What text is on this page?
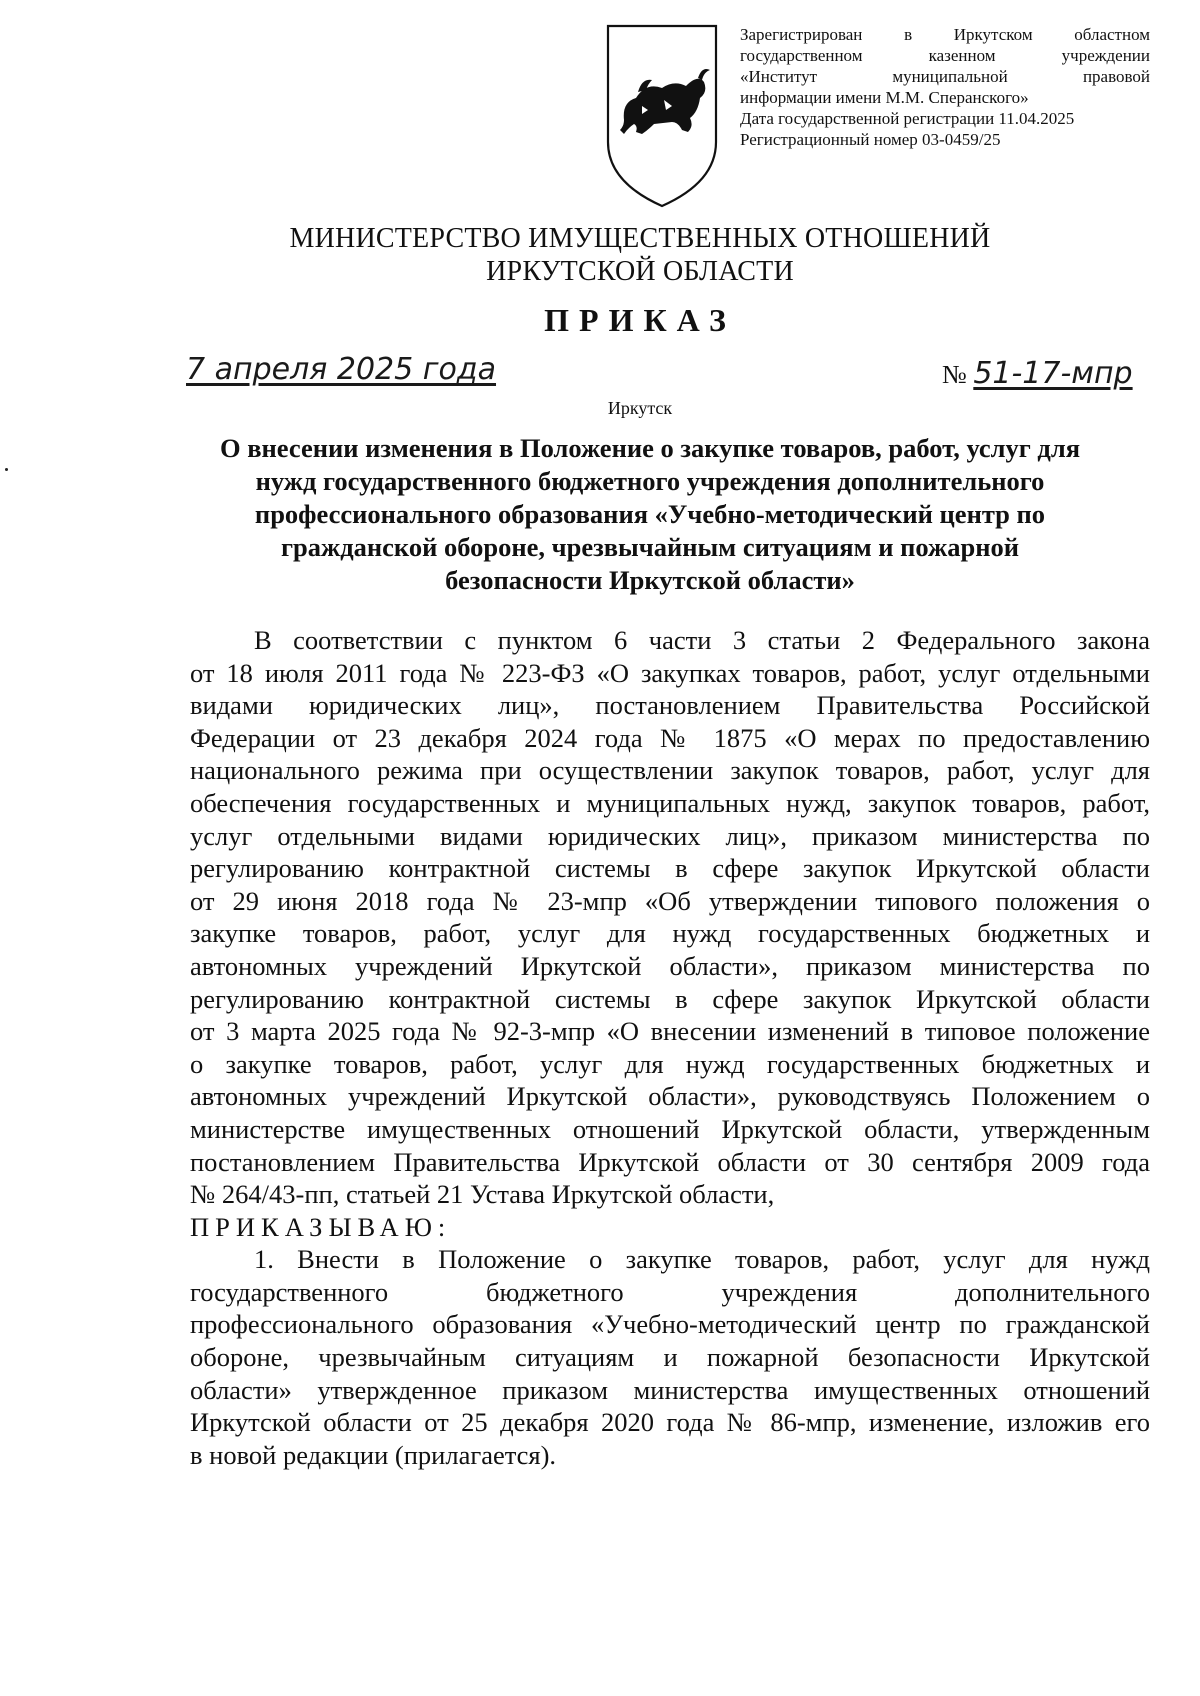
Зарегистрирован в Иркутском областном
государственном казенном учреждении
«Институт муниципальной правовой
информации имени М.М. Сперанского»
Дата государственной регистрации 11.04.2025
Регистрационный номер 03-0459/25
МИНИСТЕРСТВО ИМУЩЕСТВЕННЫХ ОТНОШЕНИЙ
ИРКУТСКОЙ ОБЛАСТИ
ПРИКАЗ
7 апреля 2025 года	№ 51-17-мпр
Иркутск
О внесении изменения в Положение о закупке товаров, работ, услуг для
нужд государственного бюджетного учреждения дополнительного
профессионального образования «Учебно-методический центр по
гражданской обороне, чрезвычайным ситуациям и пожарной
безопасности Иркутской области»
В соответствии с пунктом 6 части 3 статьи 2 Федерального закона
от 18 июля 2011 года № 223-ФЗ «О закупках товаров, работ, услуг отдельными
видами юридических лиц», постановлением Правительства Российской
Федерации от 23 декабря 2024 года № 1875 «О мерах по предоставлению
национального режима при осуществлении закупок товаров, работ, услуг для
обеспечения государственных и муниципальных нужд, закупок товаров, работ,
услуг отдельными видами юридических лиц», приказом министерства по
регулированию контрактной системы в сфере закупок Иркутской области
от 29 июня 2018 года № 23-мпр «Об утверждении типового положения о
закупке товаров, работ, услуг для нужд государственных бюджетных и
автономных учреждений Иркутской области», приказом министерства по
регулированию контрактной системы в сфере закупок Иркутской области
от 3 марта 2025 года № 92-3-мпр «О внесении изменений в типовое положение
о закупке товаров, работ, услуг для нужд государственных бюджетных и
автономных учреждений Иркутской области», руководствуясь Положением о
министерстве имущественных отношений Иркутской области, утвержденным
постановлением Правительства Иркутской области от 30 сентября 2009 года
№ 264/43-пп, статьей 21 Устава Иркутской области,
ПРИКАЗЫВАЮ:
1. Внести в Положение о закупке товаров, работ, услуг для нужд
государственного бюджетного учреждения дополнительного
профессионального образования «Учебно-методический центр по гражданской
обороне, чрезвычайным ситуациям и пожарной безопасности Иркутской
области» утвержденное приказом министерства имущественных отношений
Иркутской области от 25 декабря 2020 года № 86-мпр, изменение, изложив его
в новой редакции (прилагается).
